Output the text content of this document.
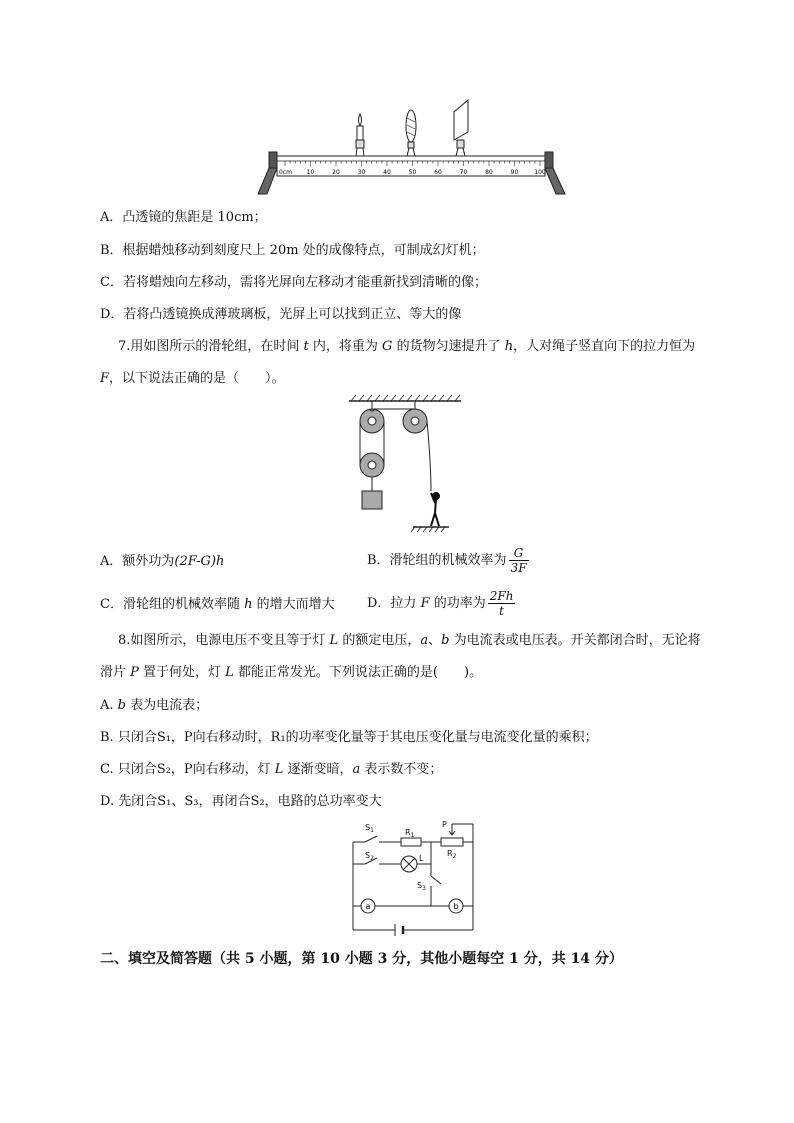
0cm 10	20	30	40	50	60	70	80	90	100
A．凸透镜的焦距是 10cm；
B．根据蜡烛移动到刻度尺上 20m 处的成像特点，可制成幻灯机；
C．若将蜡烛向左移动，需将光屏向左移动才能重新找到清晰的像；
D．若将凸透镜换成薄玻璃板，光屏上可以找到正立、等大的像
7.用如图所示的滑轮组，在时间 t 内，将重为 G 的货物匀速提升了 h，人对绳子竖直向下的拉力恒为
F，以下说法正确的是（　　）。
A．额外功为(2F-G)h	B．滑轮组的机械效率为 $\frac{G}{3F}$
C．滑轮组的机械效率随 h 的增大而增大 D．拉力 F 的功率为 $\frac{2Fh}{t}$
8.如图所示，电源电压不变且等于灯 L 的额定电压，a、b 为电流表或电压表。开关都闭合时，无论将
滑片 P 置于何处，灯 L 都能正常发光。下列说法正确的是(　　)。
A. b 表为电流表；
B. 只闭合S₁，P向右移动时，R₁的功率变化量等于其电压变化量与电流变化量的乘积；
C. 只闭合S₂，P向右移动，灯 L 逐渐变暗，a 表示数不变；
D. 先闭合S₁、S₃，再闭合S₂，电路的总功率变大
a	b
$S_1$
$S_2$
$S_3$
$R_1$
$R_2$
P
L
二、填空及简答题（共 5 小题，第 10 小题 3 分，其他小题每空 1 分，共 14 分）
